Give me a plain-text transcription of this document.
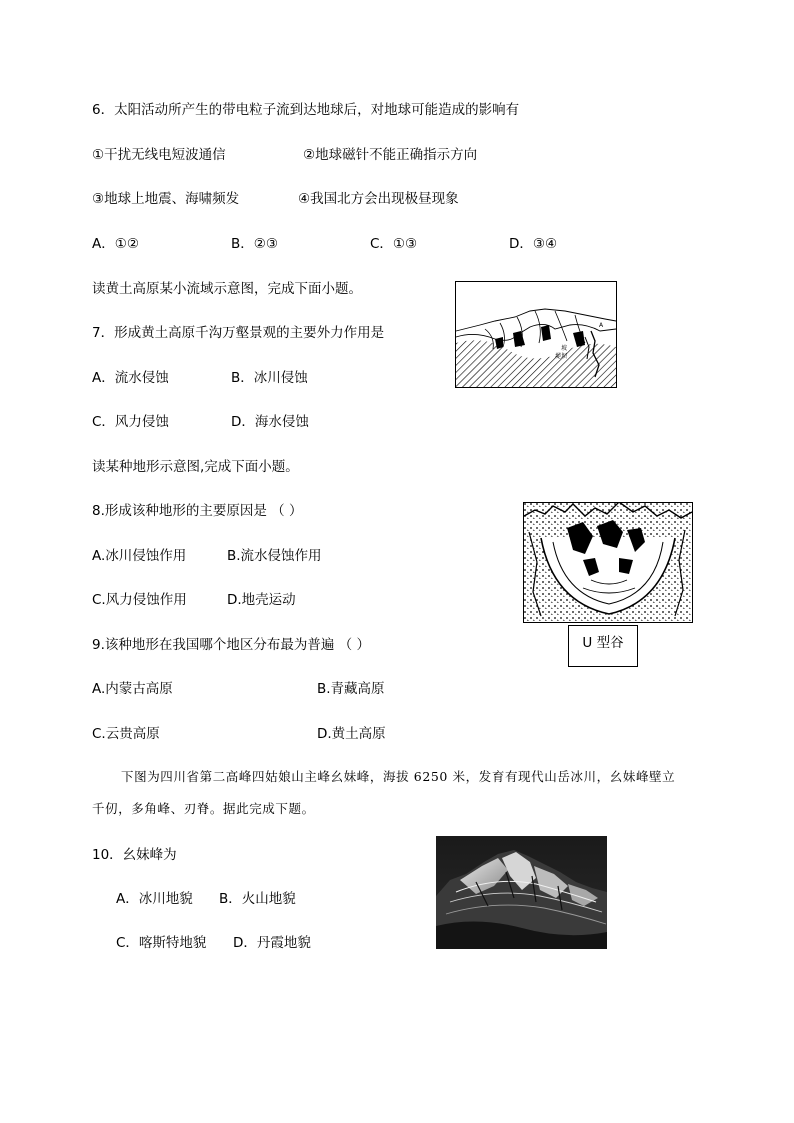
6．太阳活动所产生的带电粒子流到达地球后，对地球可能造成的影响有
①干扰无线电短波通信	②地球磁针不能正确指示方向
③地球上地震、海啸频发	④我国北方会出现极昼现象
A．①②	B．②③	C．①③	D．③④
读黄土高原某小流域示意图，完成下面小题。
7．形成黄土高原千沟万壑景观的主要外力作用是
A．流水侵蚀	B．冰川侵蚀
C．风力侵蚀	D．海水侵蚀
A
坡
堤坝
读某种地形示意图,完成下面小题。
8.形成该种地形的主要原因是 （ ）
A.冰川侵蚀作用	B.流水侵蚀作用
C.风力侵蚀作用	D.地壳运动
U 型谷
9.该种地形在我国哪个地区分布最为普遍 （ ）
A.内蒙古高原	B.青藏高原
C.云贵高原	D.黄土高原
下图为四川省第二高峰四姑娘山主峰幺妹峰，海拔 6250 米，发育有现代山岳冰川，幺妹峰壁立
千仞，多角峰、刃脊。据此完成下题。
10．幺妹峰为
A．冰川地貌 B．火山地貌
C．喀斯特地貌 D．丹霞地貌
